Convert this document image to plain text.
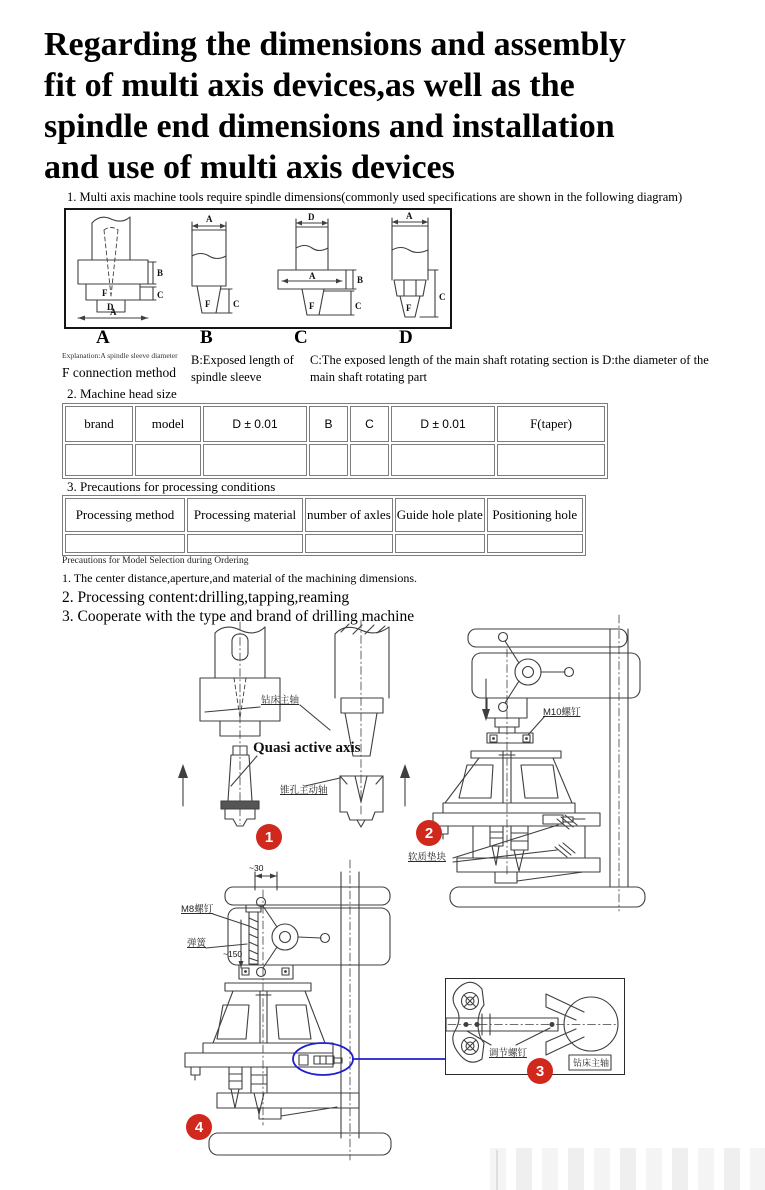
Regarding the dimensions and assembly
fit of multi axis devices,as well as the
spindle end dimensions and installation
and use of multi axis devices
1. Multi axis machine tools require spindle dimensions(commonly used specifications are shown in the following diagram)
B
C
F
D
A
A
F	C
D
A	B
F	C
A
C
F
A	B	C	D
Explanation:A spindle sleeve diameter
F connection method
B:Exposed length of spindle sleeve
C:The exposed length of the main shaft rotating section is D:the diameter of the main shaft rotating part
2. Machine head size
brand	model	D ± 0.01	B	C	D ± 0.01	F(taper)

3. Precautions for processing conditions
Processing method	Processing material	number of axles	Guide hole plate	Positioning hole

Precautions for Model Selection during Ordering
1. The center distance,aperture,and material of the machining dimensions.
2. Processing content:drilling,tapping,reaming
3. Cooperate with the type and brand of drilling machine
钻床主轴
Quasi active axis
锥孔主动轴
M10螺钉
软质垫块
~30
M8螺钉
弹簧
~150
调节螺钉
钻床主轴
1	2
3
4
